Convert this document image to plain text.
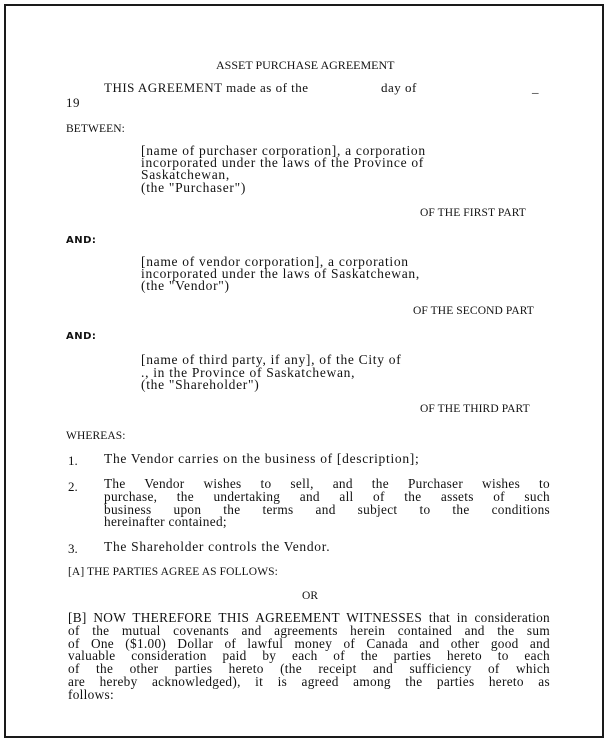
ASSET PURCHASE AGREEMENT
THIS AGREEMENT made as of the	day of	_
19
BETWEEN:
[name of purchaser corporation], a corporation
incorporated under the laws of the Province of
Saskatchewan,
(the "Purchaser")
OF THE FIRST PART
AND:
[name of vendor corporation], a corporation
incorporated under the laws of Saskatchewan,
(the "Vendor")
OF THE SECOND PART
AND:
[name of third party, if any], of the City of
., in the Province of Saskatchewan,
(the "Shareholder")
OF THE THIRD PART
WHEREAS:
1. The Vendor carries on the business of [description];
2. The Vendor wishes to sell, and the Purchaser wishes to
purchase, the undertaking and all of the assets of such
business upon the terms and subject to the conditions
hereinafter contained;
3. The Shareholder controls the Vendor.
[A] THE PARTIES AGREE AS FOLLOWS:
OR
[B] NOW THEREFORE THIS AGREEMENT WITNESSES that in consideration
of the mutual covenants and agreements herein contained and the sum
of One ($1.00) Dollar of lawful money of Canada and other good and
valuable consideration paid by each of the parties hereto to each
of the other parties hereto (the receipt and sufficiency of which
are hereby acknowledged), it is agreed among the parties hereto as
follows:
